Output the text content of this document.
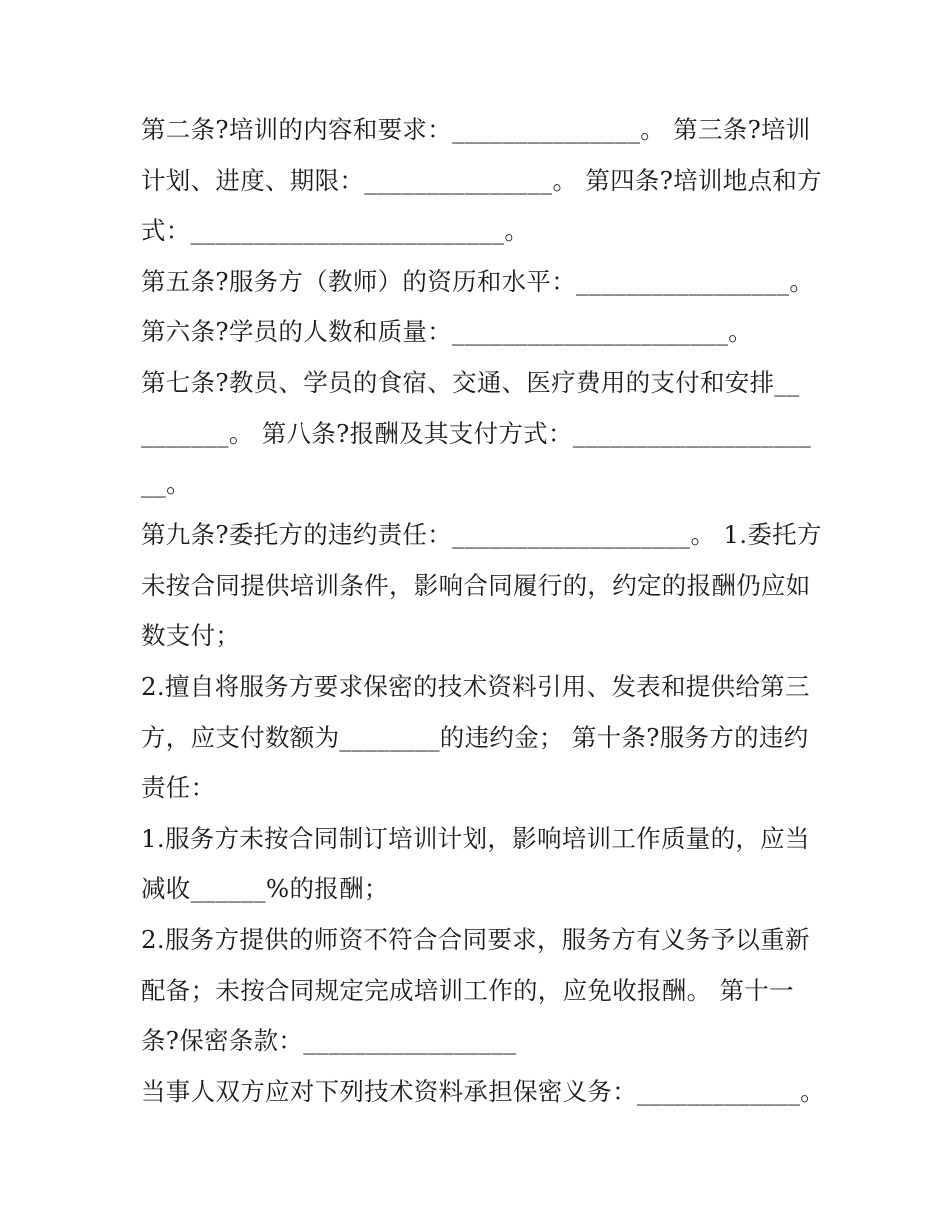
第二条?培训的内容和要求：_______________。 第三条?培训
计划、进度、期限：_______________。 第四条?培训地点和方
式：_________________________。
第五条?服务方（教师）的资历和水平：_________________。
第六条?学员的人数和质量：______________________。
第七条?教员、学员的食宿、交通、医疗费用的支付和安排__
_______。 第八条?报酬及其支付方式：___________________
__。
第九条?委托方的违约责任：___________________。 1.委托方
未按合同提供培训条件，影响合同履行的，约定的报酬仍应如
数支付；
2.擅自将服务方要求保密的技术资料引用、发表和提供给第三
方，应支付数额为________的违约金； 第十条?服务方的违约
责任：
1.服务方未按合同制订培训计划，影响培训工作质量的，应当
减收______%的报酬；
2.服务方提供的师资不符合合同要求，服务方有义务予以重新
配备；未按合同规定完成培训工作的，应免收报酬。 第十一
条?保密条款：_________________
当事人双方应对下列技术资料承担保密义务：_____________。
